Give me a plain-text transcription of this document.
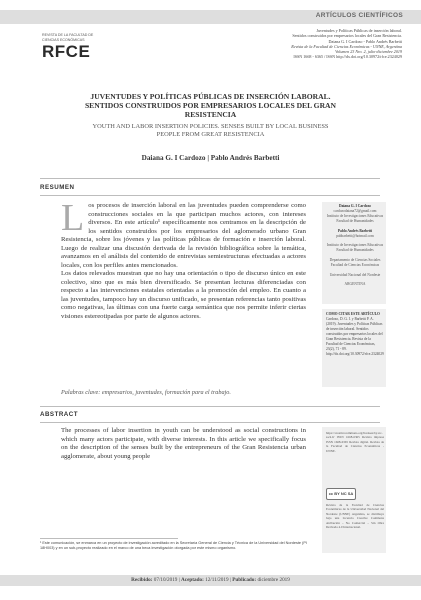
ARTÍCULOS CIENTÍFICOS
REVISTA DE LA FACULTAD DE CIENCIAS ECONÓMICAS
RFCE
Juventudes y Políticas Públicas de inserción laboral.
Sentidos construidos por empresarios locales del Gran Resistencia.
Daiana G. I Cardozo - Pablo Andrés Barbetti
Revista de la Facultad de Ciencias Económicas - UNNE, Argentina
Volumen 23 Nro. 2, julio-diciembre 2019
ISSN 1668 - 6365 / ISSN http://dx.doi.org/10.30972/rfce.2324029
JUVENTUDES Y POLÍTICAS PÚBLICAS DE INSERCIÓN LABORAL. SENTIDOS CONSTRUIDOS POR EMPRESARIOS LOCALES DEL GRAN RESISTENCIA
YOUTH AND LABOR INSERTION POLICIES. SENSES BUILT BY LOCAL BUSINESS PEOPLE FROM GREAT RESISTENCIA
Daiana G. I Cardozo | Pablo Andrés Barbetti
RESUMEN

Los procesos de inserción laboral en las juventudes pueden comprenderse como construcciones sociales en la que participan muchos actores, con intereses diversos. En este artículo¹ específicamente nos centramos en la descripción de los sentidos construidos por los empresarios del aglomerado urbano Gran Resistencia, sobre los jóvenes y las políticas públicas de formación e inserción laboral. Luego de realizar una discusión derivada de la revisión bibliográfica sobre la temática, avanzamos en el análisis del contenido de entrevistas semiestructuras efectuadas a actores locales, con los perfiles antes mencionados.

Los datos relevados muestran que no hay una orientación o tipo de discurso único en este colectivo, sino que es más bien diversificado. Se presentan lecturas diferenciadas con respecto a las intervenciones estatales orientadas a la promoción del empleo. En cuanto a las juventudes, tampoco hay un discurso unificado, se presentan referencias tanto positivas como negativas, las últimas con una fuerte carga semántica que nos permite inferir ciertas visiones estereotipadas por parte de algunos actores.

Palabras clave: empresarios, juventudes, formación para el trabajo.
Daiana G. I Cardozo
cardozodaiana72@gmail.com
Instituto de Investigaciones Educativas Facultad de Humanidades
Pablo Andrés Barbetti
pabbarbetti@hotmail.com
Instituto de Investigaciones Educativas Facultad de Humanidades
Departamento de Ciencias Sociales Facultad de Ciencias Económicas
Universidad Nacional del Nordeste
ARGENTINA
COMO CITAR ESTE ARTÍCULO
Cardozo, D. G. I. y Barbetti P. A. (2019). Juventudes y Políticas Públicas de inserción laboral. Sentidos construidos por empresarios locales del Gran Resistencia. Revista de la Facultad de Ciencias Económicas, 23(2), 71 - 89.
http://dx.doi.org/10.30972/rfce.2324029
ABSTRACT
The processes of labor insertion in youth can be understood as social constructions in which many actors participate, with diverse interests. In this article we specifically focus on the description of the senses built by the entrepreneurs of the Gran Resistencia urban agglomerate, about young people
https://creativecommons.org/licenses/by-nc-sa/4.0/ ISSN 1668-6365 Revista impresa ISSN 1668-6365 Revista digital. Revista de la Facultad de Ciencias Económicas - UNNE.
cc BY NC SA
Revista de la Facultad de Ciencias Económicas de la Universidad Nacional del Nordeste (UNNE) Argentina, se distribuye bajo una Licencia Creative Commons Atribución – No Comercial – Sin Obra Derivada 4.0 Internacional.
¹ Este comunicación, se enmarca en un proyecto de investigación acreditado en la Secretaría General de Ciencia y Técnica de la Universidad del Nordeste (PI 18H003) y en un sub-proyecto realizado en el marco de una beca investigación otorgada por este mismo organismo.
Recibido: 07/10/2019 | Aceptado: 12/11/2019 | Publicado: diciembre 2019
